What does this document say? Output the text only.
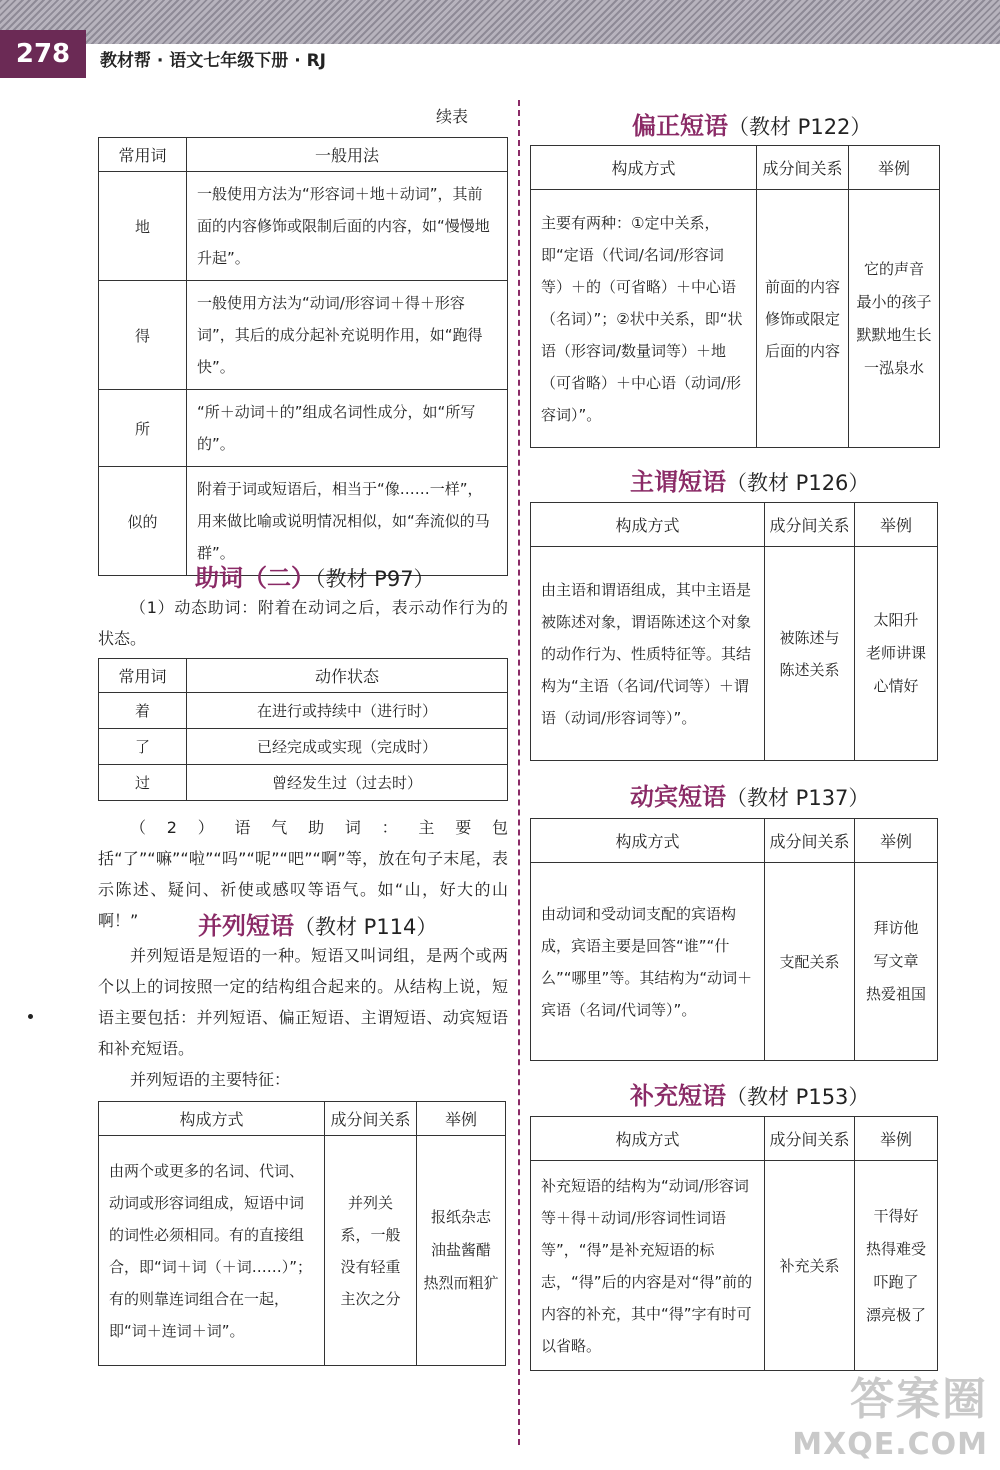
278	教材帮 · 语文七年级下册 · RJ
续表
常用词	一般用法
地	一般使用方法为“形容词＋地＋动词”，其前面的内容修饰或限制后面的内容，如“慢慢地升起”。
得	一般使用方法为“动词/形容词＋得＋形容词”，其后的成分起补充说明作用，如“跑得快”。
所	“所＋动词＋的”组成名词性成分，如“所写的”。
似的	附着于词或短语后，相当于“像……一样”，用来做比喻或说明情况相似，如“奔流似的马群”。
助词（二）（教材 P97）
（1）动态助词：附着在动词之后，表示动作行为的状态。
常用词	动作状态
着	在进行或持续中（进行时）
了	已经完成或实现（完成时）
过	曾经发生过（过去时）
（2）语气助词：主要包括“了”“嘛”“啦”“吗”“呢”“吧”“啊”等，放在句子末尾，表示陈述、疑问、祈使或感叹等语气。如“山，好大的山啊！”	并列短语（教材 P114）
并列短语是短语的一种。短语又叫词组，是两个或两个以上的词按照一定的结构组合起来的。从结构上说，短语主要包括：并列短语、偏正短语、主谓短语、动宾短语和补充短语。
并列短语的主要特征：
构成方式	成分间关系	举例
由两个或更多的名词、代词、动词或形容词组成，短语中词的词性必须相同。有的直接组合，即“词＋词（＋词……）”；有的则靠连词组合在一起，即“词＋连词＋词”。	并列关系，一般没有轻重主次之分	报纸杂志
油盐酱醋
热烈而粗犷
偏正短语（教材 P122）
构成方式	成分间关系	举例
主要有两种：①定中关系，即“定语（代词/名词/形容词等）＋的（可省略）＋中心语（名词）”；②状中关系，即“状语（形容词/数量词等）＋地（可省略）＋中心语（动词/形容词）”。	前面的内容修饰或限定后面的内容	它的声音
最小的孩子
默默地生长
一泓泉水
主谓短语（教材 P126）
构成方式	成分间关系	举例
由主语和谓语组成，其中主语是被陈述对象，谓语陈述这个对象的动作行为、性质特征等。其结构为“主语（名词/代词等）＋谓语（动词/形容词等）”。	被陈述与陈述关系	太阳升
老师讲课
心情好
动宾短语（教材 P137）
构成方式	成分间关系	举例
由动词和受动词支配的宾语构成，宾语主要是回答“谁”“什么”“哪里”等。其结构为“动词＋宾语（名词/代词等）”。	支配关系	拜访他
写文章
热爱祖国
补充短语（教材 P153）
构成方式	成分间关系	举例
补充短语的结构为“动词/形容词等＋得＋动词/形容词性词语等”，“得”是补充短语的标志，“得”后的内容是对“得”前的内容的补充，其中“得”字有时可以省略。	补充关系	干得好
热得难受
吓跑了
漂亮极了
答案圈
MXQE.COM
